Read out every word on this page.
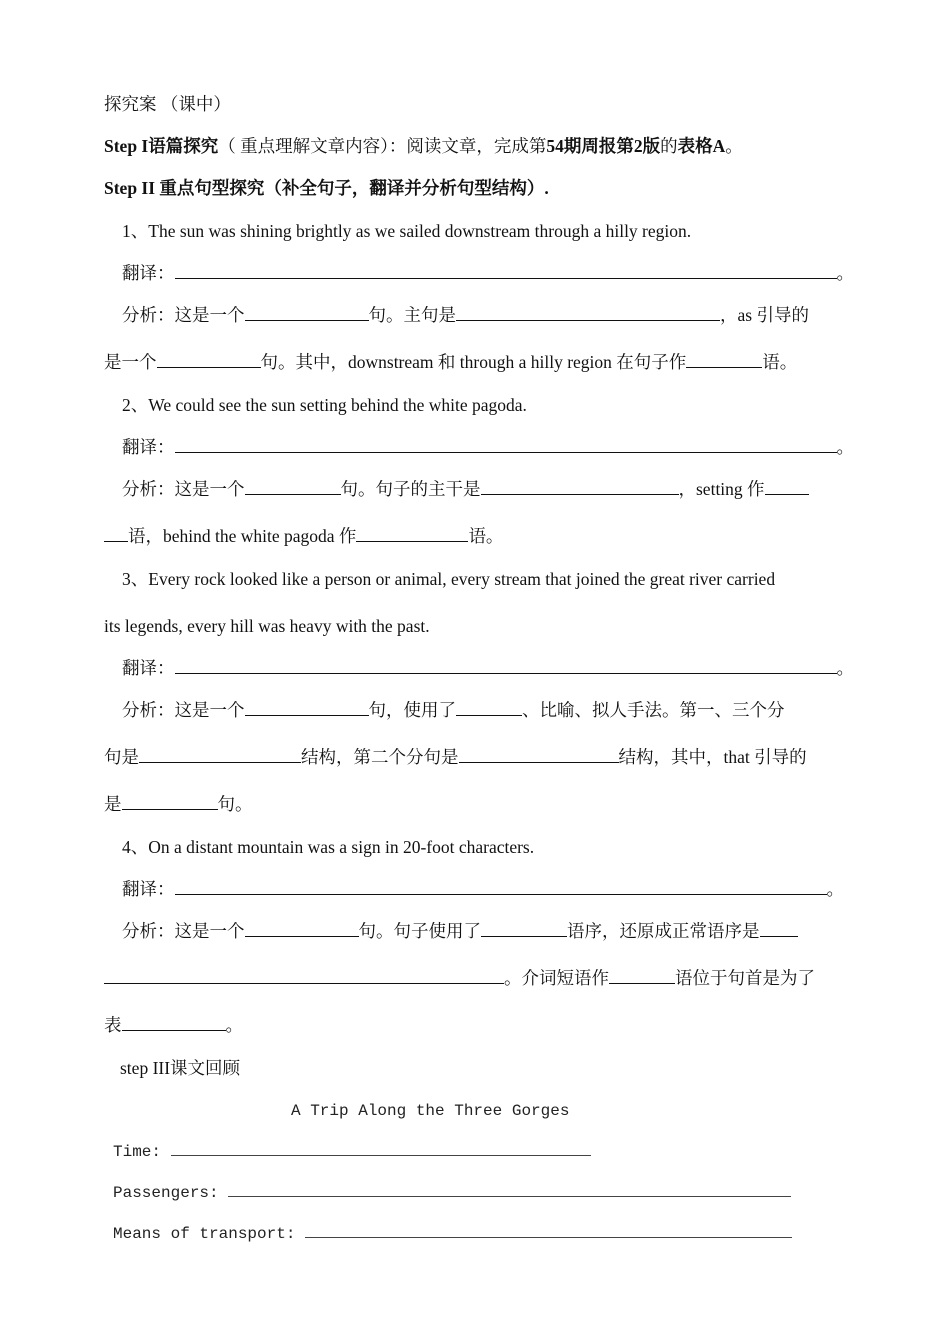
探究案 （课中）
Step I语篇探究（ 重点理解文章内容）：阅读文章，完成第54期周报第2版的表格A。
Step II 重点句型探究（补全句子，翻译并分析句型结构）.
1、The sun was shining brightly as we sailed downstream through a hilly region.
翻译：	。
分析：这是一个	句。主句是	，as 引导的
是一个	句。其中，downstream 和 through a hilly region 在句子作	语。
2、We could see the sun setting behind the white pagoda.
翻译：	。
分析：这是一个	句。句子的主干是	，setting 作
语，behind the white pagoda 作	语。
3、Every rock looked like a person or animal, every stream that joined the great river carried
its legends, every hill was heavy with the past.
翻译：	。
分析：这是一个	句，使用了	、比喻、拟人手法。第一、三个分
句是	结构，第二个分句是	结构，其中，that 引导的
是	句。
4、On a distant mountain was a sign in 20-foot characters.
翻译：	。
分析：这是一个	句。句子使用了	语序，还原成正常语序是
。介词短语作	语位于句首是为了
表	。
step III课文回顾
A Trip Along the Three Gorges
Time:
Passengers:
Means of transport:
